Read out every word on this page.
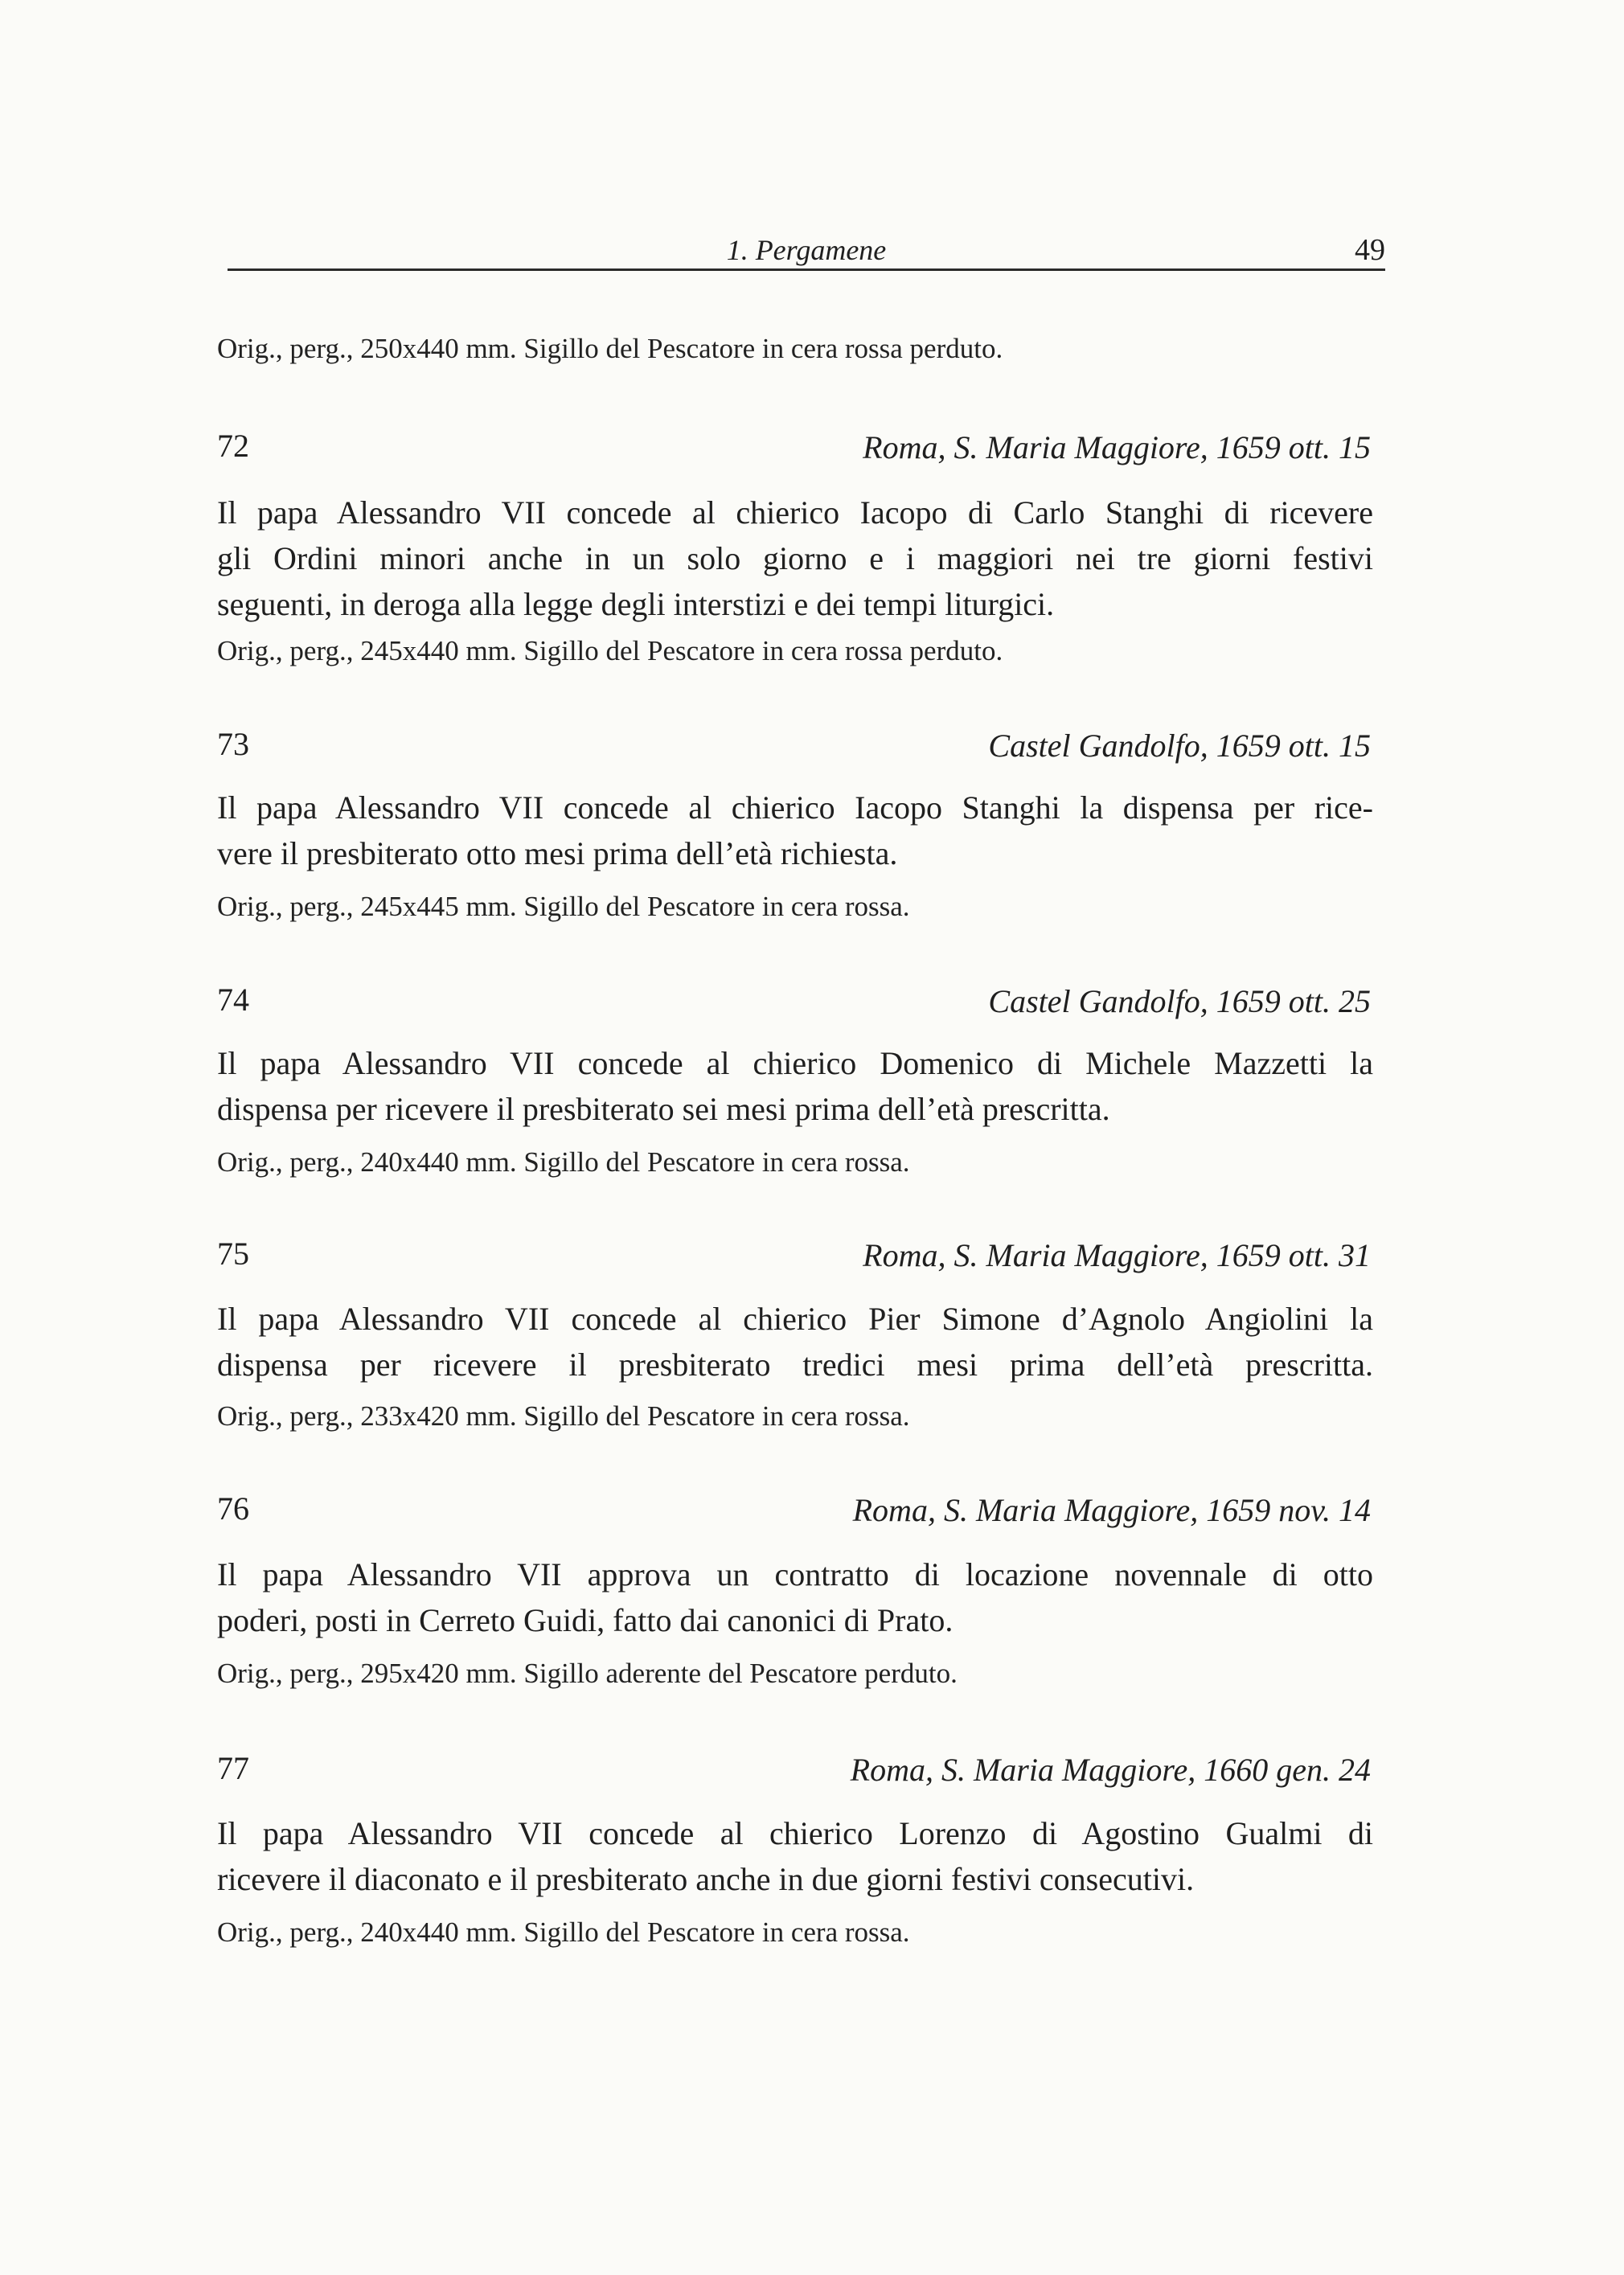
1. Pergamene	49
Orig., perg., 250x440 mm. Sigillo del Pescatore in cera rossa perduto.
72	Roma, S. Maria Maggiore, 1659 ott. 15
Il papa Alessandro VII concede al chierico Iacopo di Carlo Stanghi di ricevere
gli Ordini minori anche in un solo giorno e i maggiori nei tre giorni festivi
seguenti, in deroga alla legge degli interstizi e dei tempi liturgici.
Orig., perg., 245x440 mm. Sigillo del Pescatore in cera rossa perduto.
73	Castel Gandolfo, 1659 ott. 15
Il papa Alessandro VII concede al chierico Iacopo Stanghi la dispensa per rice-
vere il presbiterato otto mesi prima dell’età richiesta.
Orig., perg., 245x445 mm. Sigillo del Pescatore in cera rossa.
74	Castel Gandolfo, 1659 ott. 25
Il papa Alessandro VII concede al chierico Domenico di Michele Mazzetti la
dispensa per ricevere il presbiterato sei mesi prima dell’età prescritta.
Orig., perg., 240x440 mm. Sigillo del Pescatore in cera rossa.
75	Roma, S. Maria Maggiore, 1659 ott. 31
Il papa Alessandro VII concede al chierico Pier Simone d’Agnolo Angiolini la
dispensa per ricevere il presbiterato tredici mesi prima dell’età prescritta.
Orig., perg., 233x420 mm. Sigillo del Pescatore in cera rossa.
76	Roma, S. Maria Maggiore, 1659 nov. 14
Il papa Alessandro VII approva un contratto di locazione novennale di otto
poderi, posti in Cerreto Guidi, fatto dai canonici di Prato.
Orig., perg., 295x420 mm. Sigillo aderente del Pescatore perduto.
77	Roma, S. Maria Maggiore, 1660 gen. 24
Il papa Alessandro VII concede al chierico Lorenzo di Agostino Gualmi di
ricevere il diaconato e il presbiterato anche in due giorni festivi consecutivi.
Orig., perg., 240x440 mm. Sigillo del Pescatore in cera rossa.
